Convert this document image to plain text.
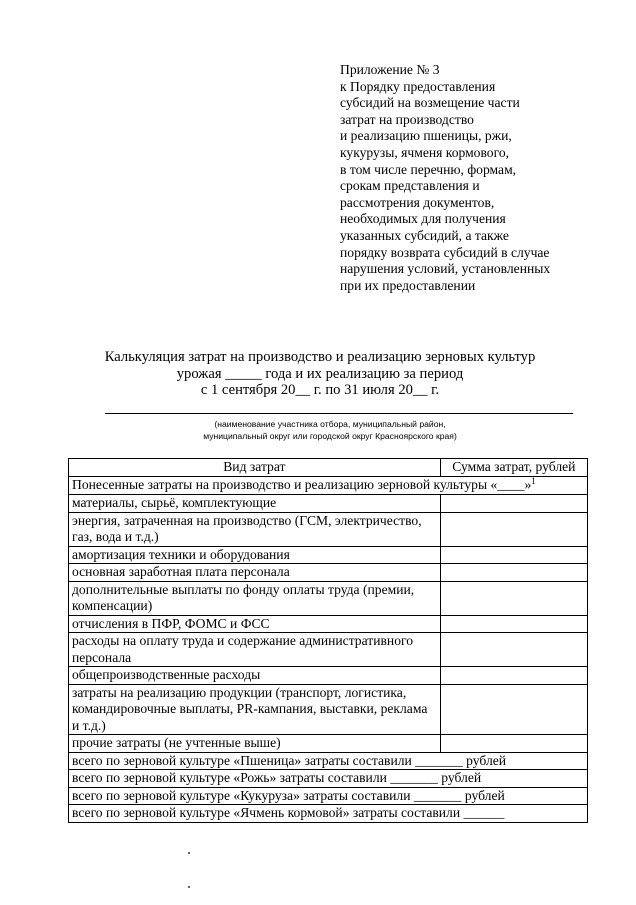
Приложение № 3
к Порядку предоставления
субсидий на возмещение части
затрат на производство
и реализацию пшеницы, ржи,
кукурузы, ячменя кормового,
в том числе перечню, формам,
срокам представления и
рассмотрения документов,
необходимых для получения
указанных субсидий, а также
порядку возврата субсидий в случае
нарушения условий, установленных
при их предоставлении
Калькуляция затрат на производство и реализацию зерновых культур
урожая _____ года и их реализацию за период
с 1 сентября 20__ г. по 31 июля 20__ г.
(наименование участника отбора, муниципальный район,
муниципальный округ или городской округ Красноярского края)
Вид затрат	Сумма затрат, рублей
Понесенные затраты на производство и реализацию зерновой культуры «____»$^1$
материалы, сырьё, комплектующие	
энергия, затраченная на производство (ГСМ, электричество, газ, вода и т.д.)	
амортизация техники и оборудования	
основная заработная плата персонала	
дополнительные выплаты по фонду оплаты труда (премии, компенсации)	
отчисления в ПФР, ФОМС и ФСС	
расходы на оплату труда и содержание административного персонала	
общепроизводственные расходы	
затраты на реализацию продукции (транспорт, логистика, командировочные выплаты, PR-кампания, выставки, реклама и т.д.)	
прочие затраты (не учтенные выше)	
всего по зерновой культуре «Пшеница» затраты составили _______ рублей	
всего по зерновой культуре «Рожь» затраты составили _______ рублей	
всего по зерновой культуре «Кукуруза» затраты составили _______ рублей	
всего по зерновой культуре «Ячмень кормовой» затраты составили ______	
